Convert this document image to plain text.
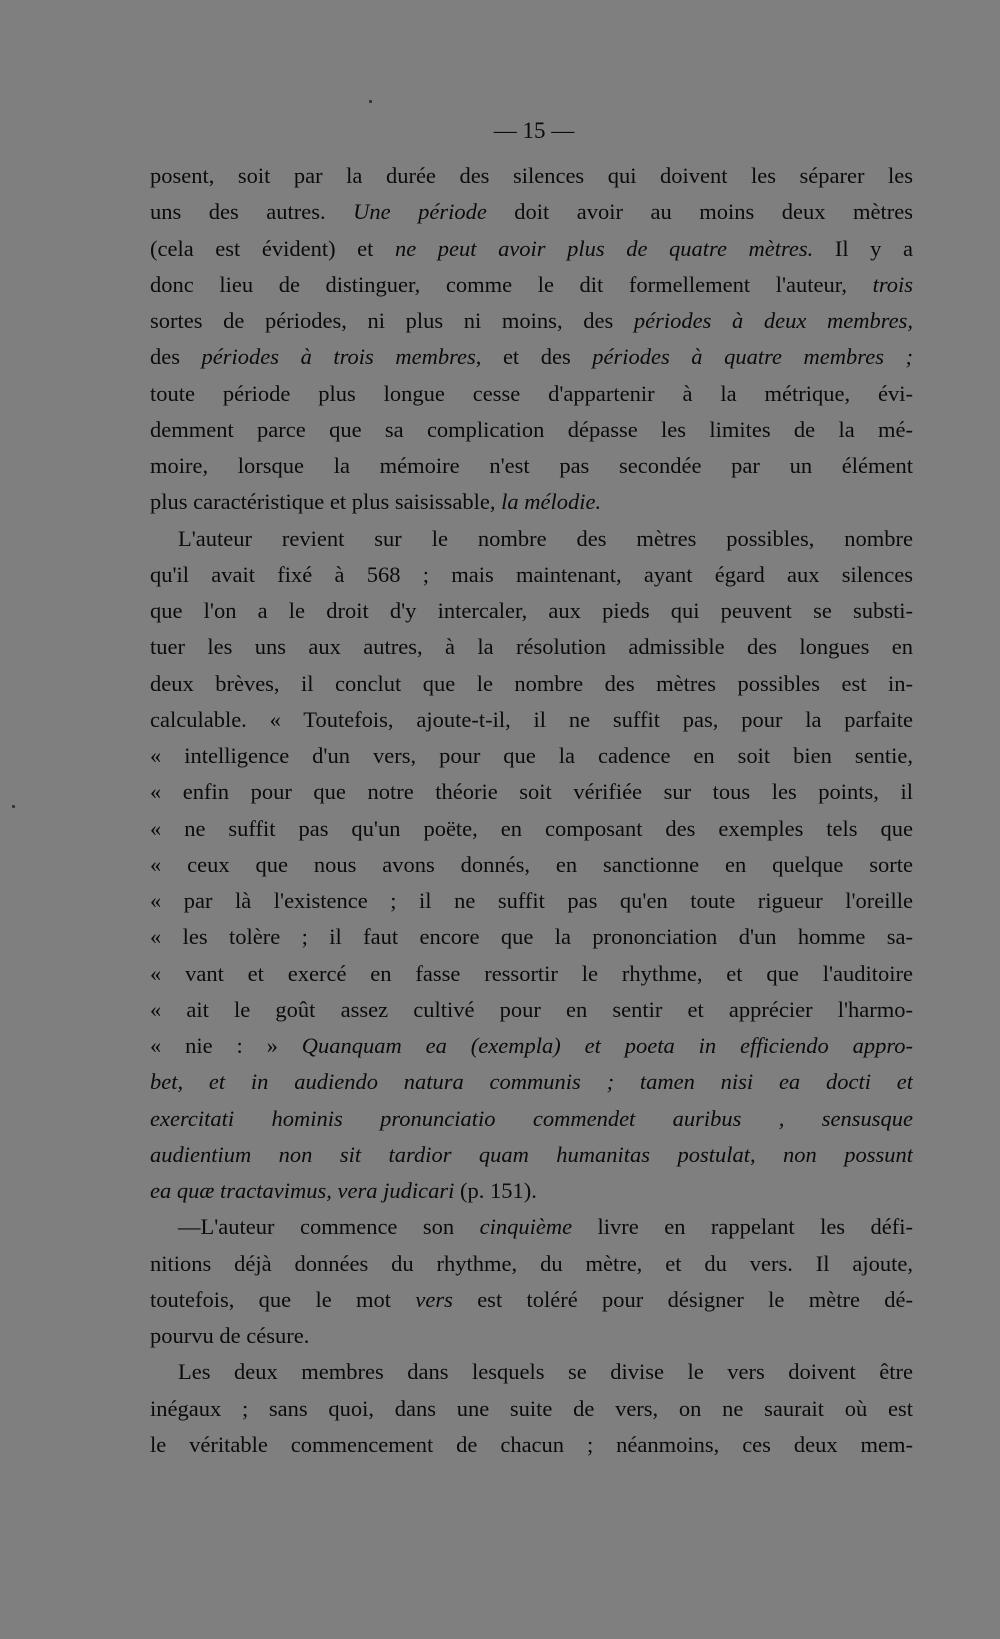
— 15 —
posent, soit par la durée des silences qui doivent les séparer les
uns des autres. Une période doit avoir au moins deux mètres
(cela est évident) et ne peut avoir plus de quatre mètres. Il y a
donc lieu de distinguer, comme le dit formellement l'auteur, trois
sortes de périodes, ni plus ni moins, des périodes à deux membres,
des périodes à trois membres, et des périodes à quatre membres ;
toute période plus longue cesse d'appartenir à la métrique, évi-
demment parce que sa complication dépasse les limites de la mé-
moire, lorsque la mémoire n'est pas secondée par un élément
plus caractéristique et plus saisissable, la mélodie.
L'auteur revient sur le nombre des mètres possibles, nombre
qu'il avait fixé à 568 ; mais maintenant, ayant égard aux silences
que l'on a le droit d'y intercaler, aux pieds qui peuvent se substi-
tuer les uns aux autres, à la résolution admissible des longues en
deux brèves, il conclut que le nombre des mètres possibles est in-
calculable. « Toutefois, ajoute-t-il, il ne suffit pas, pour la parfaite
« intelligence d'un vers, pour que la cadence en soit bien sentie,
« enfin pour que notre théorie soit vérifiée sur tous les points, il
« ne suffit pas qu'un poëte, en composant des exemples tels que
« ceux que nous avons donnés, en sanctionne en quelque sorte
« par là l'existence ; il ne suffit pas qu'en toute rigueur l'oreille
« les tolère ; il faut encore que la prononciation d'un homme sa-
« vant et exercé en fasse ressortir le rhythme, et que l'auditoire
« ait le goût assez cultivé pour en sentir et apprécier l'harmo-
« nie : » Quanquam ea (exempla) et poeta in efficiendo appro-
bet, et in audiendo natura communis ; tamen nisi ea docti et
exercitati hominis pronunciatio commendet auribus , sensusque
audientium non sit tardior quam humanitas postulat, non possunt
ea quæ tractavimus, vera judicari (p. 151).
—L'auteur commence son cinquième livre en rappelant les défi-
nitions déjà données du rhythme, du mètre, et du vers. Il ajoute,
toutefois, que le mot vers est toléré pour désigner le mètre dé-
pourvu de césure.
Les deux membres dans lesquels se divise le vers doivent être
inégaux ; sans quoi, dans une suite de vers, on ne saurait où est
le véritable commencement de chacun ; néanmoins, ces deux mem-
